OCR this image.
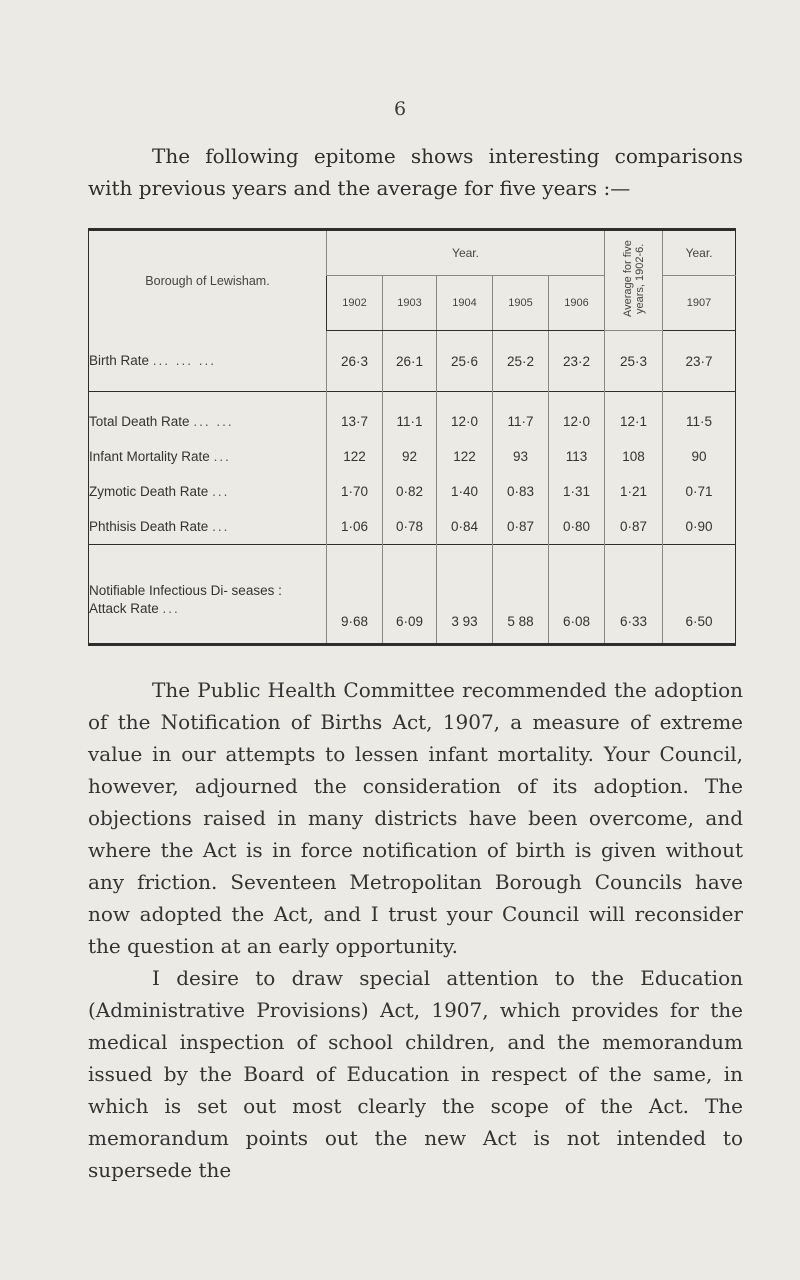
6

The following epitome shows interesting comparisons with previous years and the average for five years :—

Borough of Lewisham.	Year.					Average for five years, 1902-6.	Year.
	1902	1903	1904	1905	1906		1907
Birth Rate ... ... ...	26·3	26·1	25·6	25·2	23·2	25·3	23·7

Total Death Rate ... ...	13·7	11·1	12·0	11·7	12·0	12·1	11·5
Infant Mortality Rate ...	122	92	122	93	113	108	90
Zymotic Death Rate ...	1·70	0·82	1·40	0·83	1·31	1·21	0·71
Phthisis Death Rate ...	1·06	0·78	0·84	0·87	0·80	0·87	0·90

Notifiable Infectious Di- seases : Attack Rate ...	9·68	6·09	3 93	5 88	6·08	6·33	6·50

The Public Health Committee recommended the adoption of the Notification of Births Act, 1907, a measure of extreme value in our attempts to lessen infant mortality. Your Council, however, adjourned the consideration of its adoption. The objections raised in many districts have been overcome, and where the Act is in force notification of birth is given without any friction. Seventeen Metropolitan Borough Councils have now adopted the Act, and I trust your Council will reconsider the question at an early opportunity.

I desire to draw special attention to the Education (Administrative Provisions) Act, 1907, which provides for the medical inspection of school children, and the memorandum issued by the Board of Education in respect of the same, in which is set out most clearly the scope of the Act. The memorandum points out the new Act is not intended to supersede the
